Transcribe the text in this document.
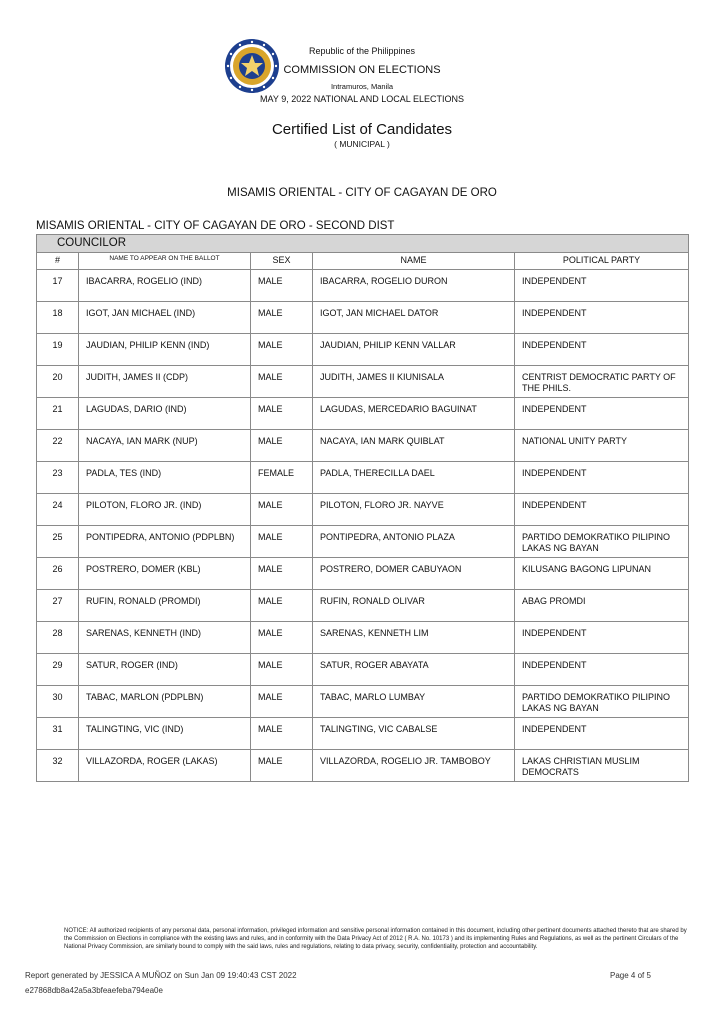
Republic of the Philippines
COMMISSION ON ELECTIONS
Intramuros, Manila
MAY 9, 2022 NATIONAL AND LOCAL ELECTIONS
Certified List of Candidates
( MUNICIPAL )
MISAMIS ORIENTAL - CITY OF CAGAYAN DE ORO
MISAMIS ORIENTAL - CITY OF CAGAYAN DE ORO - SECOND DIST
COUNCILOR				
#	NAME TO APPEAR ON THE BALLOT	SEX	NAME	POLITICAL PARTY
17	IBACARRA, ROGELIO (IND)	MALE	IBACARRA, ROGELIO DURON	INDEPENDENT
18	IGOT, JAN MICHAEL (IND)	MALE	IGOT, JAN MICHAEL DATOR	INDEPENDENT
19	JAUDIAN, PHILIP KENN (IND)	MALE	JAUDIAN, PHILIP KENN VALLAR	INDEPENDENT
20	JUDITH, JAMES II (CDP)	MALE	JUDITH, JAMES II KIUNISALA	CENTRIST DEMOCRATIC PARTY OF THE PHILS.
21	LAGUDAS, DARIO (IND)	MALE	LAGUDAS, MERCEDARIO BAGUINAT	INDEPENDENT
22	NACAYA, IAN MARK (NUP)	MALE	NACAYA, IAN MARK QUIBLAT	NATIONAL UNITY PARTY
23	PADLA, TES (IND)	FEMALE	PADLA, THERECILLA DAEL	INDEPENDENT
24	PILOTON, FLORO JR. (IND)	MALE	PILOTON, FLORO JR. NAYVE	INDEPENDENT
25	PONTIPEDRA, ANTONIO (PDPLBN)	MALE	PONTIPEDRA, ANTONIO PLAZA	PARTIDO DEMOKRATIKO PILIPINO LAKAS NG BAYAN
26	POSTRERO, DOMER (KBL)	MALE	POSTRERO, DOMER CABUYAON	KILUSANG BAGONG LIPUNAN
27	RUFIN, RONALD (PROMDI)	MALE	RUFIN, RONALD OLIVAR	ABAG PROMDI
28	SARENAS, KENNETH (IND)	MALE	SARENAS, KENNETH LIM	INDEPENDENT
29	SATUR, ROGER (IND)	MALE	SATUR, ROGER ABAYATA	INDEPENDENT
30	TABAC, MARLON (PDPLBN)	MALE	TABAC, MARLO LUMBAY	PARTIDO DEMOKRATIKO PILIPINO LAKAS NG BAYAN
31	TALINGTING, VIC (IND)	MALE	TALINGTING, VIC CABALSE	INDEPENDENT
32	VILLAZORDA, ROGER (LAKAS)	MALE	VILLAZORDA, ROGELIO JR. TAMBOBOY	LAKAS CHRISTIAN MUSLIM DEMOCRATS
NOTICE: All authorized recipients of any personal data, personal information, privileged information and sensitive personal information contained in this document, including other pertinent documents attached thereto that are shared by the Commission on Elections in compliance with the existing laws and rules, and in conformity with the Data Privacy Act of 2012 ( R.A. No. 10173 ) and its implementing Rules and Regulations, as well as the pertinent Circulars of the National Privacy Commission, are similarly bound to comply with the said laws, rules and regulations, relating to data privacy, security, confidentiality, protection and accountability.
Report generated by JESSICA A MUÑOZ on Sun Jan 09 19:40:43 CST 2022
e27868db8a42a5a3bfeaefeba794ea0e
Page 4 of 5
